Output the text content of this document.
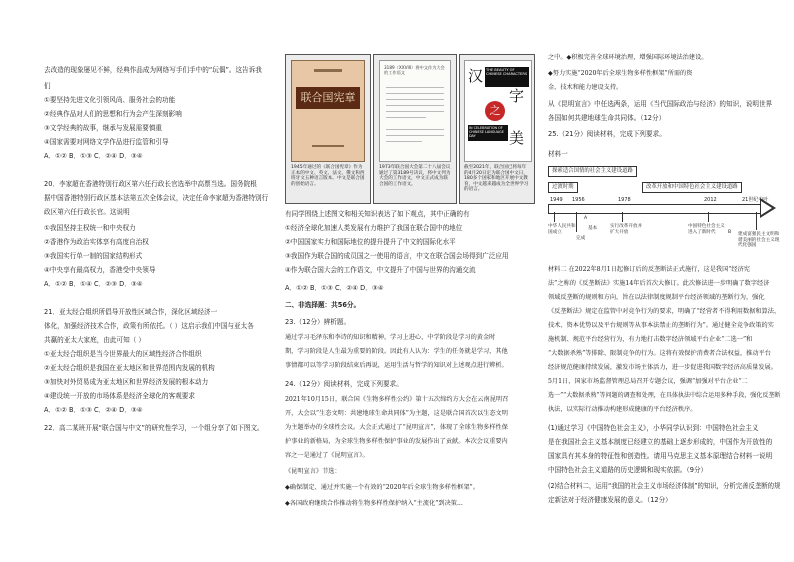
去改造的现象屡见不鲜，经典作品成为网络写手们手中的“玩偶”。这告诉我
们
①要坚持先进文化引领风尚、服务社会的功能
②经典作品对人们的思想和行为会产生深刻影响
③文学经典的故事，继承与发展需要慎重
④国家需要对网络文学作品进行监管和引导
A．①② B．①③ C．②④ D．③④
20．李家超在香港特别行政区第六任行政长官选举中高票当选。国务院根
据中国香港特别行政区基本法第五次全体会议，决定任命李家超为香港特别行
政区第六任行政长官。这说明
①我国坚持主权统一和中央权力
②香港作为政治实体享有高度自治权
③我国实行单一制的国家结构形式
④中央享有最高权力，香港受中央领导
A．①② B．①④ C．②③ D．③④
21．亚太经合组织所倡导开放性区域合作，深化区域经济一
体化，加强经济技术合作，政策有所依托。（ ）这启示我们中国与亚太各
共赢的亚太大家庭，由此可知（ ）
①亚太经合组织是当今世界最大的区域性经济合作组织
②亚太经合组织是我国在亚太地区和世界范围内发展的机构
③加快对外贸易成为亚太地区和世界经济发展的根本动力
④建设统一开放的市场体系是经济全球化的客观要求
A．①② B．①③ C．②④ D．③④
22．高二某班开展“联合国与中文”的研究性学习，一个组分享了如下图文。
联合国宪章
1945年通过的《联合国宪章》作为正本的中文、英文、法文、俄文和西班牙文五种语言版本。中文是联合国的创始语言。
3189（XXVIII）将中文作为大会的工作语文
1973年联合国大会第二十八届会议通过了第3189号决议，将中文列为大会的工作语文，中文正式成为联合国的工作语文。
汉 THE BEAUTY OF CHINESE CHARACTERS
字
之
IN CELEBRATION OF CHINESE LANGUAGE DAY	美
截至2021年，联合国已将每年的4月20日定为联合国中文日，180多个国家和地区开展中文教育，中文越来越成为全世界学习的语言。
有同学围绕上述图文和相关知识表达了如下观点，其中正确的有
①经济全球化加速人类发展有力维护了我国在联合国中的地位
②中国国家实力和国际地位的提升提升了中文的国际化水平
③我国作为联合国的成员国之一使用的语言，中文在联合国会场得到广泛应用
④作为联合国大会的工作语文，中文提升了中国与世界的沟通交流
A．①② B．①③ C．②④ D．③④
二、非选择题：共56分。
23.（12分）辨析题。
通过学习毛泽东和李诗的知识和精神，学习上进心，中学阶段是学习的黄金时
期，学习阶段是人生最为重要的阶段。因此有人认为：学生的任务就是学习，其他
事情都可以等学习阶段结束后再说，运用生活与哲学的知识对上述观点进行辨析。
24.（12分）阅读材料，完成下列要求。
2021年10月15日，联合国《生物多样性公约》第十五次缔约方大会在云南昆明召
开，大会以“生态文明：共建地球生命共同体”为主题，这是联合国首次以生态文明
为主题举办的全球性会议。大会正式通过了“昆明宣言”，体现了全球生物多样性保
护事业的新格局，为全球生物多样性保护事业的发展作出了贡献。本次会议重要内
容之一是通过了《昆明宣言》。
《昆明宣言》节选：
◆确保制定、通过并实施一个有效的“2020年后全球生物多样性框架”。
◆各国政府继续合作推动将生物多样性保护纳入“主流化”到决策...
之中。◆积极完善全球环境治理，增强国际环境法治建设。
◆努力实施“2020年后全球生物多样性框架”所需的资
金、技术和能力建设支持。
从《昆明宣言》中任选两条，运用《当代国际政治与经济》的知识，说明世界
各国如何共建地球生命共同体。（12分）
25.（21分）阅读材料，完成下列要求。
材料一
探索适合国情的社会主义建设道路
过渡时期	改革开放和中国特色社会主义建设道路
1949 1956	1978	2012	21世纪中叶
中华人民共和国成立
A
基本
完成
实行改革开放并扩大开放
中国特色社会主义进入了新时代	B	建成富强民主文明和谐美丽的社会主义现代化强国
材料二 在2022年8月1日起修订后的反垄断法正式施行，这是我国“经济宪
法”之称的《反垄断法》实施14年后首次大修订。此次修法进一步明确了数字经济
领域反垄断的规则和方向，旨在以法律制度规制平台经济领域的垄断行为，强化
《反垄断法》规定在监管中对竞争行为的要求，明确了“经营者不得利用数据和算法、
技术、资本优势以及平台规则等从事本法禁止的垄断行为”。通过健全竞争政策的实
施机制、规范平台经营行为，有力地打击数字经济领域平台企业“二选一”和
“大数据杀熟”等排除、限制竞争的行为。这将有效保护消费者合法权益，推动平台
经济规范健康持续发展，激发市场主体活力，进一步促进我国数字经济高质量发展。
5月1日，国家市场监督管理总局召开专题会议，强调“加强对平台企业“二
选一”“大数据杀熟”等问题的调查和处理，在具体执法中综合运用多种手段，强化反垄断
执法，以实际行动推动构建形成健康的平台经济秩序。
(1)通过学习《中国特色社会主义》，小华同学认识到：中国特色社会主义
是在我国社会主义基本制度已经建立的基础上逐步形成的，中国作为开放性的
国家具有其本身的特征性和创造性。请用马克思主义基本原理结合材料一说明
中国特色社会主义道路的历史逻辑和现实依据。（9分）
(2)结合材料二，运用“我国的社会主义市场经济体制”的知识，分析完善反垄断的规
定新法对于经济健康发展的意义。（12分）
